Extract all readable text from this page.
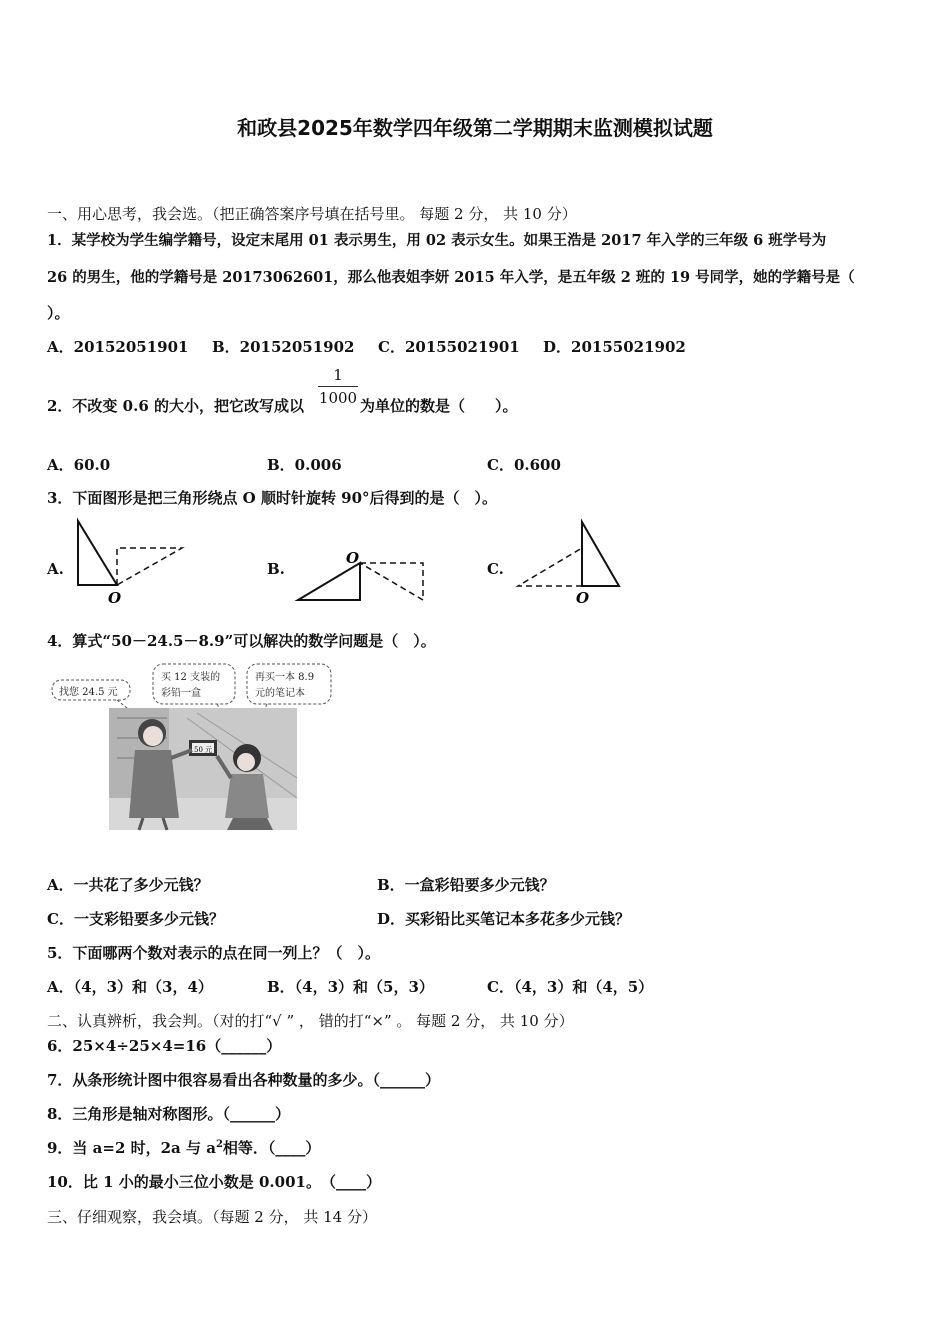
和政县2025年数学四年级第二学期期末监测模拟试题
一、用心思考，我会选。（把正确答案序号填在括号里。 每题 2 分， 共 10 分）
1．某学校为学生编学籍号，设定末尾用 01 表示男生，用 02 表示女生。如果王浩是 2017 年入学的三年级 6 班学号为
26 的男生，他的学籍号是 20173062601，那么他表姐李妍 2015 年入学，是五年级 2 班的 19 号同学，她的学籍号是（
）。
A．20152051901 B．20152051902 C．20155021901 D．20155021902
2．不改变 0.6 的大小，把它改写成以 $\frac{1}{1000}$ 为单位的数是（　　）。
A．60.0	B．0.006	C．0.600
3．下面图形是把三角形绕点 O 顺时针旋转 90°后得到的是（　）。
A.
O
B.
O
C.
O
4．算式“50－24.5－8.9”可以解决的数学问题是（　）。
找您 24.5 元
买 12 支装的
彩铅一盒
再买一本 8.9
元的笔记本
50 元
A．一共花了多少元钱？	B．一盒彩铅要多少元钱？
C．一支彩铅要多少元钱？	D．买彩铅比买笔记本多花多少元钱？
5．下面哪两个数对表示的点在同一列上？（　）。
A．（4，3）和（3，4）	B．（4，3）和（5，3）	C．（4，3）和（4，5）
二、认真辨析，我会判。（对的打“√ ” ， 错的打“×” 。 每题 2 分， 共 10 分）
6．25×4÷25×4=16（______）
7．从条形统计图中很容易看出各种数量的多少。（______）
8．三角形是轴对称图形。（______）
9．当 a=2 时，2a 与 $a^2$相等．（____）
10．比 1 小的最小三位小数是 0.001。　（____）
三、仔细观察，我会填。（每题 2 分， 共 14 分）
